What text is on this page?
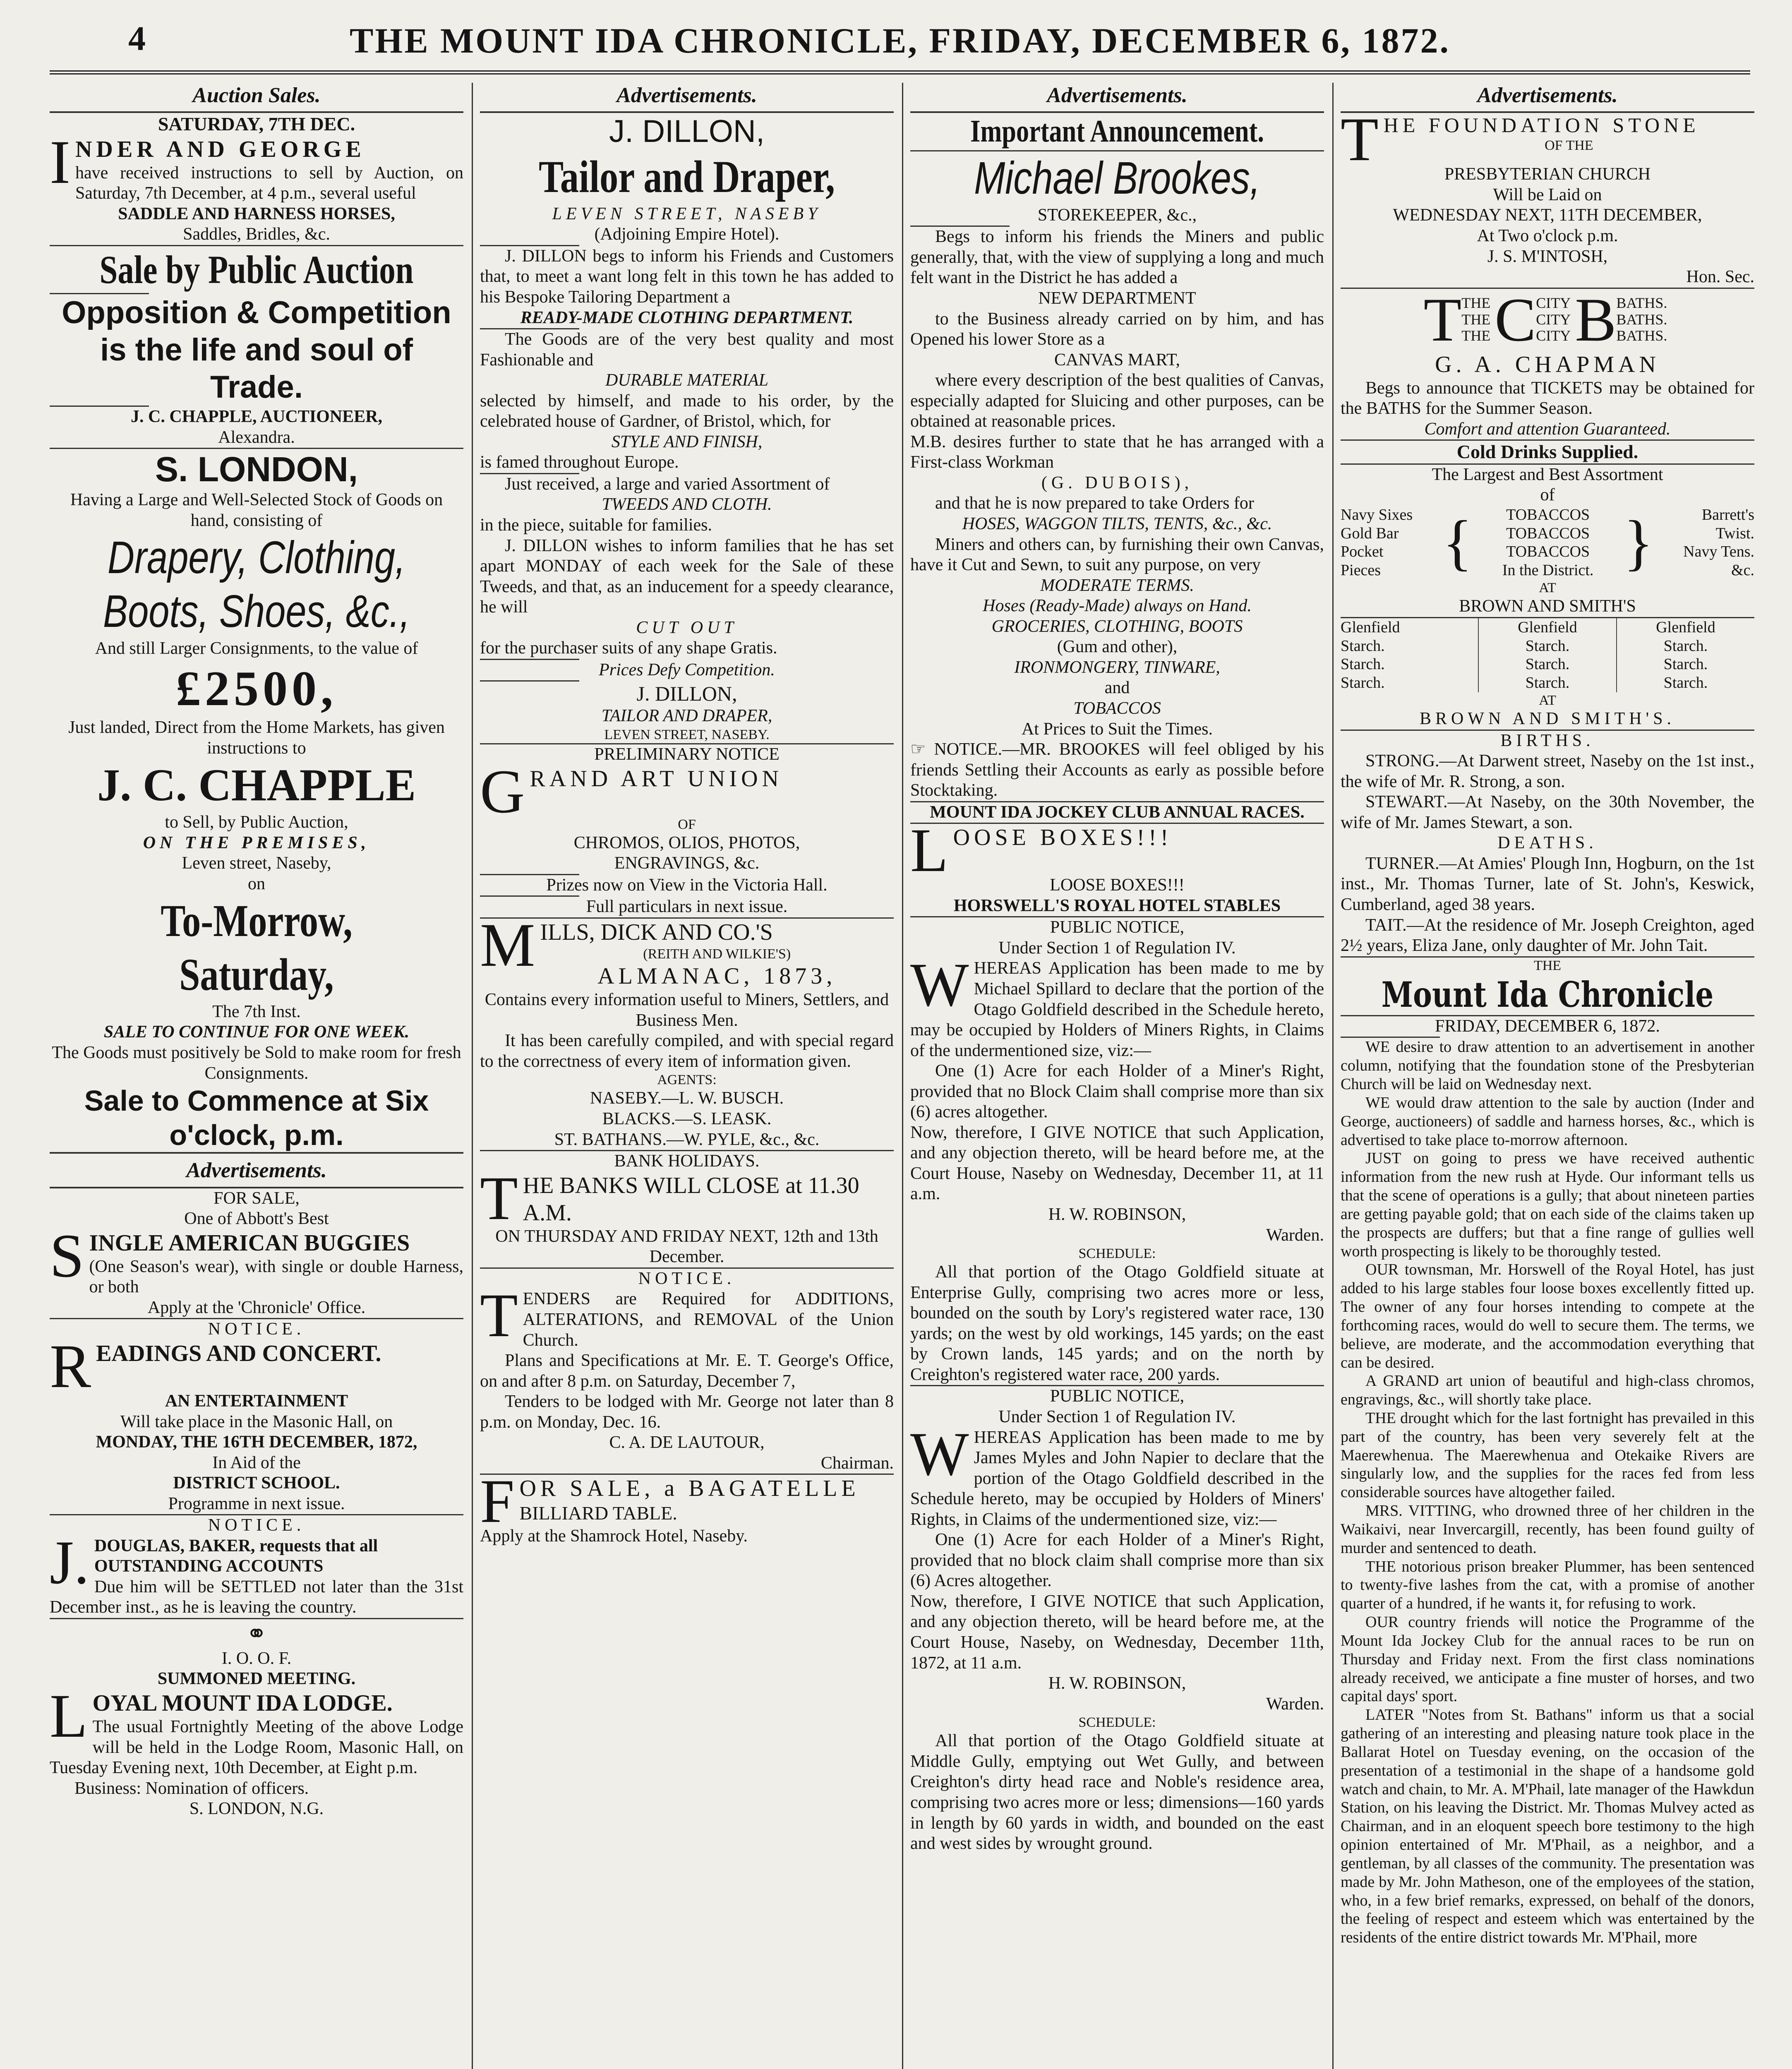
4	THE MOUNT IDA CHRONICLE, FRIDAY, DECEMBER 6, 1872.
Auction Sales.
SATURDAY, 7TH DEC.
I NDER AND GEORGE
have received instructions to sell by Auction, on Saturday, 7th December, at 4 p.m., several useful
SADDLE AND HARNESS HORSES,
Saddles, Bridles, &c.
Sale by Public Auction
Opposition & Competition is the life and soul of Trade.
J. C. CHAPPLE, AUCTIONEER,
Alexandra.
S. LONDON,
Having a Large and Well-Selected Stock of Goods on hand, consisting of
Drapery, Clothing,
Boots, Shoes, &c.,
And still Larger Consignments, to the value of
£2500,
Just landed, Direct from the Home Markets, has given instructions to
J. C. CHAPPLE
to Sell, by Public Auction,
ON THE PREMISES,
Leven street, Naseby,
on
To-Morrow, Saturday,
The 7th Inst.
SALE TO CONTINUE FOR ONE WEEK.
The Goods must positively be Sold to make room for fresh Consignments.
Sale to Commence at Six o'clock, p.m.
Advertisements.
FOR SALE,
One of Abbott's Best
S INGLE AMERICAN BUGGIES
(One Season's wear), with single or double Harness, or both
Apply at the 'Chronicle' Office.
NOTICE.
R EADINGS AND CONCERT.
AN ENTERTAINMENT
Will take place in the Masonic Hall, on
MONDAY, THE 16TH DECEMBER, 1872,
In Aid of the
DISTRICT SCHOOL.
Programme in next issue.
NOTICE.
J. DOUGLAS, BAKER, requests that all OUTSTANDING ACCOUNTS
Due him will be SETTLED not later than the 31st December inst., as he is leaving the country.
⚭
I. O. O. F.
SUMMONED MEETING.
L OYAL MOUNT IDA LODGE.
The usual Fortnightly Meeting of the above Lodge will be held in the Lodge Room, Masonic Hall, on Tuesday Evening next, 10th December, at Eight p.m.
Business: Nomination of officers.
S. LONDON, N.G.
Advertisements.
J. DILLON,
Tailor and Draper,
LEVEN STREET, NASEBY
(Adjoining Empire Hotel).
J. DILLON begs to inform his Friends and Customers that, to meet a want long felt in this town he has added to his Bespoke Tailoring Department a
READY-MADE CLOTHING DEPARTMENT.
The Goods are of the very best quality and most Fashionable and
DURABLE MATERIAL
selected by himself, and made to his order, by the celebrated house of Gardner, of Bristol, which, for
STYLE AND FINISH,
is famed throughout Europe.
Just received, a large and varied Assortment of
TWEEDS AND CLOTH.
in the piece, suitable for families.
J. DILLON wishes to inform families that he has set apart MONDAY of each week for the Sale of these Tweeds, and that, as an inducement for a speedy clearance, he will
CUT OUT
for the purchaser suits of any shape Gratis.
Prices Defy Competition.
J. DILLON,
TAILOR AND DRAPER,
LEVEN STREET, NASEBY.
PRELIMINARY NOTICE
G RAND ART UNION
OF
CHROMOS, OLIOS, PHOTOS,
ENGRAVINGS, &c.
Prizes now on View in the Victoria Hall.
Full particulars in next issue.
M ILLS, DICK AND CO.'S
(REITH AND WILKIE'S)
ALMANAC, 1873,
Contains every information useful to Miners, Settlers, and Business Men.
It has been carefully compiled, and with special regard to the correctness of every item of information given.
AGENTS:
NASEBY.—L. W. BUSCH.
BLACKS.—S. LEASK.
ST. BATHANS.—W. PYLE, &c., &c.
BANK HOLIDAYS.
T HE BANKS WILL CLOSE at 11.30 A.M.
ON THURSDAY AND FRIDAY NEXT, 12th and 13th December.
NOTICE.
T ENDERS are Required for ADDITIONS, ALTERATIONS, and REMOVAL of the Union Church.
Plans and Specifications at Mr. E. T. George's Office, on and after 8 p.m. on Saturday, December 7,
Tenders to be lodged with Mr. George not later than 8 p.m. on Monday, Dec. 16.
C. A. DE LAUTOUR,
Chairman.
F OR SALE, a BAGATELLE
BILLIARD TABLE.
Apply at the Shamrock Hotel, Naseby.
Advertisements.
Important Announcement.
Michael Brookes,
STOREKEEPER, &c.,
Begs to inform his friends the Miners and public generally, that, with the view of supplying a long and much felt want in the District he has added a
NEW DEPARTMENT
to the Business already carried on by him, and has Opened his lower Store as a
CANVAS MART,
where every description of the best qualities of Canvas, especially adapted for Sluicing and other purposes, can be obtained at reasonable prices.
M.B. desires further to state that he has arranged with a First-class Workman
(G. DUBOIS),
and that he is now prepared to take Orders for
HOSES, WAGGON TILTS, TENTS, &c., &c.
Miners and others can, by furnishing their own Canvas, have it Cut and Sewn, to suit any purpose, on very
MODERATE TERMS.
Hoses (Ready-Made) always on Hand.
GROCERIES, CLOTHING, BOOTS
(Gum and other),
IRONMONGERY, TINWARE,
and
TOBACCOS
At Prices to Suit the Times.
☞ NOTICE.—MR. BROOKES will feel obliged by his friends Settling their Accounts as early as possible before Stocktaking.
MOUNT IDA JOCKEY CLUB ANNUAL RACES.
L OOSE BOXES!!!
LOOSE BOXES!!!
HORSWELL'S ROYAL HOTEL STABLES
PUBLIC NOTICE,
Under Section 1 of Regulation IV.
W HEREAS Application has been made to me by Michael Spillard to declare that the portion of the Otago Goldfield described in the Schedule hereto, may be occupied by Holders of Miners Rights, in Claims of the undermentioned size, viz:—
One (1) Acre for each Holder of a Miner's Right, provided that no Block Claim shall comprise more than six (6) acres altogether.
Now, therefore, I GIVE NOTICE that such Application, and any objection thereto, will be heard before me, at the Court House, Naseby on Wednesday, December 11, at 11 a.m.
H. W. ROBINSON,
Warden.
SCHEDULE:
All that portion of the Otago Goldfield situate at Enterprise Gully, comprising two acres more or less, bounded on the south by Lory's registered water race, 130 yards; on the west by old workings, 145 yards; on the east by Crown lands, 145 yards; and on the north by Creighton's registered water race, 200 yards.
PUBLIC NOTICE,
Under Section 1 of Regulation IV.
W HEREAS Application has been made to me by James Myles and John Napier to declare that the portion of the Otago Goldfield described in the Schedule hereto, may be occupied by Holders of Miners' Rights, in Claims of the undermentioned size, viz:—
One (1) Acre for each Holder of a Miner's Right, provided that no block claim shall comprise more than six (6) Acres altogether.
Now, therefore, I GIVE NOTICE that such Application, and any objection thereto, will be heard before me, at the Court House, Naseby, on Wednesday, December 11th, 1872, at 11 a.m.
H. W. ROBINSON,
Warden.
SCHEDULE:
All that portion of the Otago Goldfield situate at Middle Gully, emptying out Wet Gully, and between Creighton's dirty head race and Noble's residence area, comprising two acres more or less; dimensions—160 yards in length by 60 yards in width, and bounded on the east and west sides by wrought ground.
Advertisements.
T HE FOUNDATION STONE
OF THE
PRESBYTERIAN CHURCH
Will be Laid on
WEDNESDAY NEXT, 11TH DECEMBER,
At Two o'clock p.m.
J. S. M'INTOSH,
Hon. Sec.
T THE
THE
THE C CITY
CITY
CITY B BATHS.
BATHS.
BATHS.
G. A. CHAPMAN
Begs to announce that TICKETS may be obtained for the BATHS for the Summer Season.
Comfort and attention Guaranteed.
Cold Drinks Supplied.
The Largest and Best Assortment
of
Navy Sixes
Gold Bar
Pocket
Pieces { TOBACCOS
TOBACCOS
TOBACCOS
In the District. }	Barrett's
Twist.
Navy Tens.
&c.
AT
BROWN AND SMITH'S
Glenfield
Starch.
Starch.
Starch.
Glenfield
Starch.
Starch.
Starch.
Glenfield
Starch.
Starch.
Starch.
AT
BROWN AND SMITH'S.
BIRTHS.
STRONG.—At Darwent street, Naseby on the 1st inst., the wife of Mr. R. Strong, a son.
STEWART.—At Naseby, on the 30th November, the wife of Mr. James Stewart, a son.
DEATHS.
TURNER.—At Amies' Plough Inn, Hogburn, on the 1st inst., Mr. Thomas Turner, late of St. John's, Keswick, Cumberland, aged 38 years.
TAIT.—At the residence of Mr. Joseph Creighton, aged 2½ years, Eliza Jane, only daughter of Mr. John Tait.
THE
Mount Ida Chronicle
FRIDAY, DECEMBER 6, 1872.
WE desire to draw attention to an advertisement in another column, notifying that the foundation stone of the Presbyterian Church will be laid on Wednesday next.
WE would draw attention to the sale by auction (Inder and George, auctioneers) of saddle and harness horses, &c., which is advertised to take place to-morrow afternoon.
JUST on going to press we have received authentic information from the new rush at Hyde. Our informant tells us that the scene of operations is a gully; that about nineteen parties are getting payable gold; that on each side of the claims taken up the prospects are duffers; but that a fine range of gullies well worth prospecting is likely to be thoroughly tested.
OUR townsman, Mr. Horswell of the Royal Hotel, has just added to his large stables four loose boxes excellently fitted up. The owner of any four horses intending to compete at the forthcoming races, would do well to secure them. The terms, we believe, are moderate, and the accommodation everything that can be desired.
A GRAND art union of beautiful and high-class chromos, engravings, &c., will shortly take place.
THE drought which for the last fortnight has prevailed in this part of the country, has been very severely felt at the Maerewhenua. The Maerewhenua and Otekaike Rivers are singularly low, and the supplies for the races fed from less considerable sources have altogether failed.
MRS. VITTING, who drowned three of her children in the Waikaivi, near Invercargill, recently, has been found guilty of murder and sentenced to death.
THE notorious prison breaker Plummer, has been sentenced to twenty-five lashes from the cat, with a promise of another quarter of a hundred, if he wants it, for refusing to work.
OUR country friends will notice the Programme of the Mount Ida Jockey Club for the annual races to be run on Thursday and Friday next. From the first class nominations already received, we anticipate a fine muster of horses, and two capital days' sport.
LATER "Notes from St. Bathans" inform us that a social gathering of an interesting and pleasing nature took place in the Ballarat Hotel on Tuesday evening, on the occasion of the presentation of a testimonial in the shape of a handsome gold watch and chain, to Mr. A. M'Phail, late manager of the Hawkdun Station, on his leaving the District. Mr. Thomas Mulvey acted as Chairman, and in an eloquent speech bore testimony to the high opinion entertained of Mr. M'Phail, as a neighbor, and a gentleman, by all classes of the community. The presentation was made by Mr. John Matheson, one of the employees of the station, who, in a few brief remarks, expressed, on behalf of the donors, the feeling of respect and esteem which was entertained by the residents of the entire district towards Mr. M'Phail, more
